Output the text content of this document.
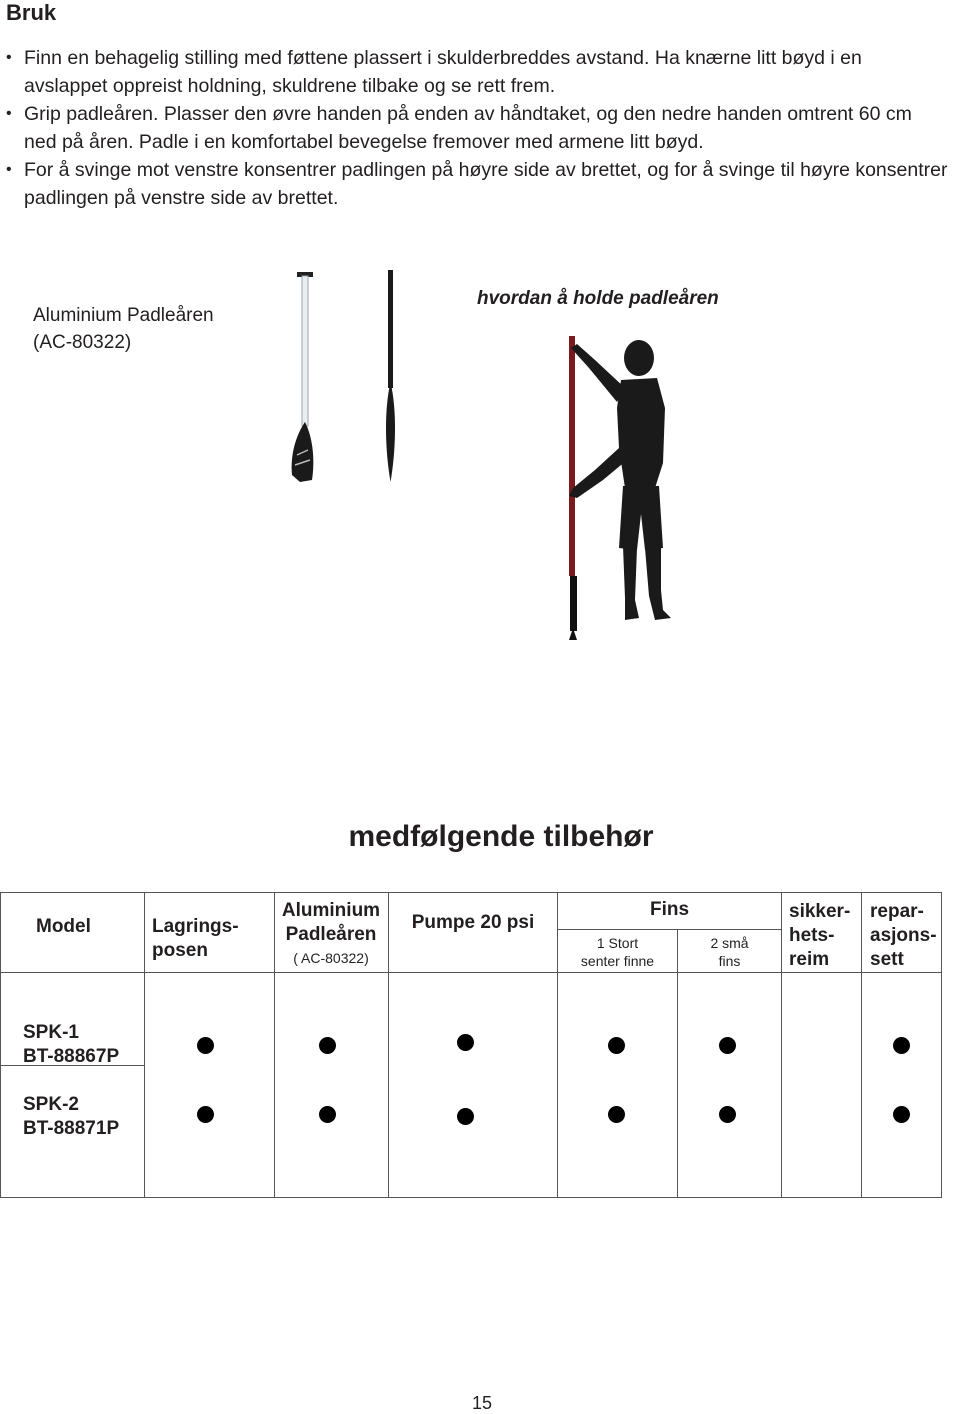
Bruk
• Finn en behagelig stilling med føttene plassert i skulderbreddes avstand. Ha knærne litt bøyd i en avslappet oppreist holdning, skuldrene tilbake og se rett frem.
• Grip padleåren. Plasser den øvre handen på enden av håndtaket, og den nedre handen omtrent 60 cm ned på åren. Padle i en komfortabel bevegelse fremover med armene litt bøyd.
• For å svinge mot venstre konsentrer padlingen på høyre side av brettet, og for å svinge til høyre konsentrer padlingen på venstre side av brettet.
Aluminium Padleåren
(AC-80322)
hvordan å holde padleåren
medfølgende tilbehør
Model	Lagrings-
posen
Aluminium
Padleåren
( AC-80322)
Pumpe 20 psi
Fins
1 Stort
senter finne
2 små
fins
sikker-
hets-
reim
repar-
asjons-
sett
SPK-1
BT-88867P
SPK-2
BT-88871P
15
